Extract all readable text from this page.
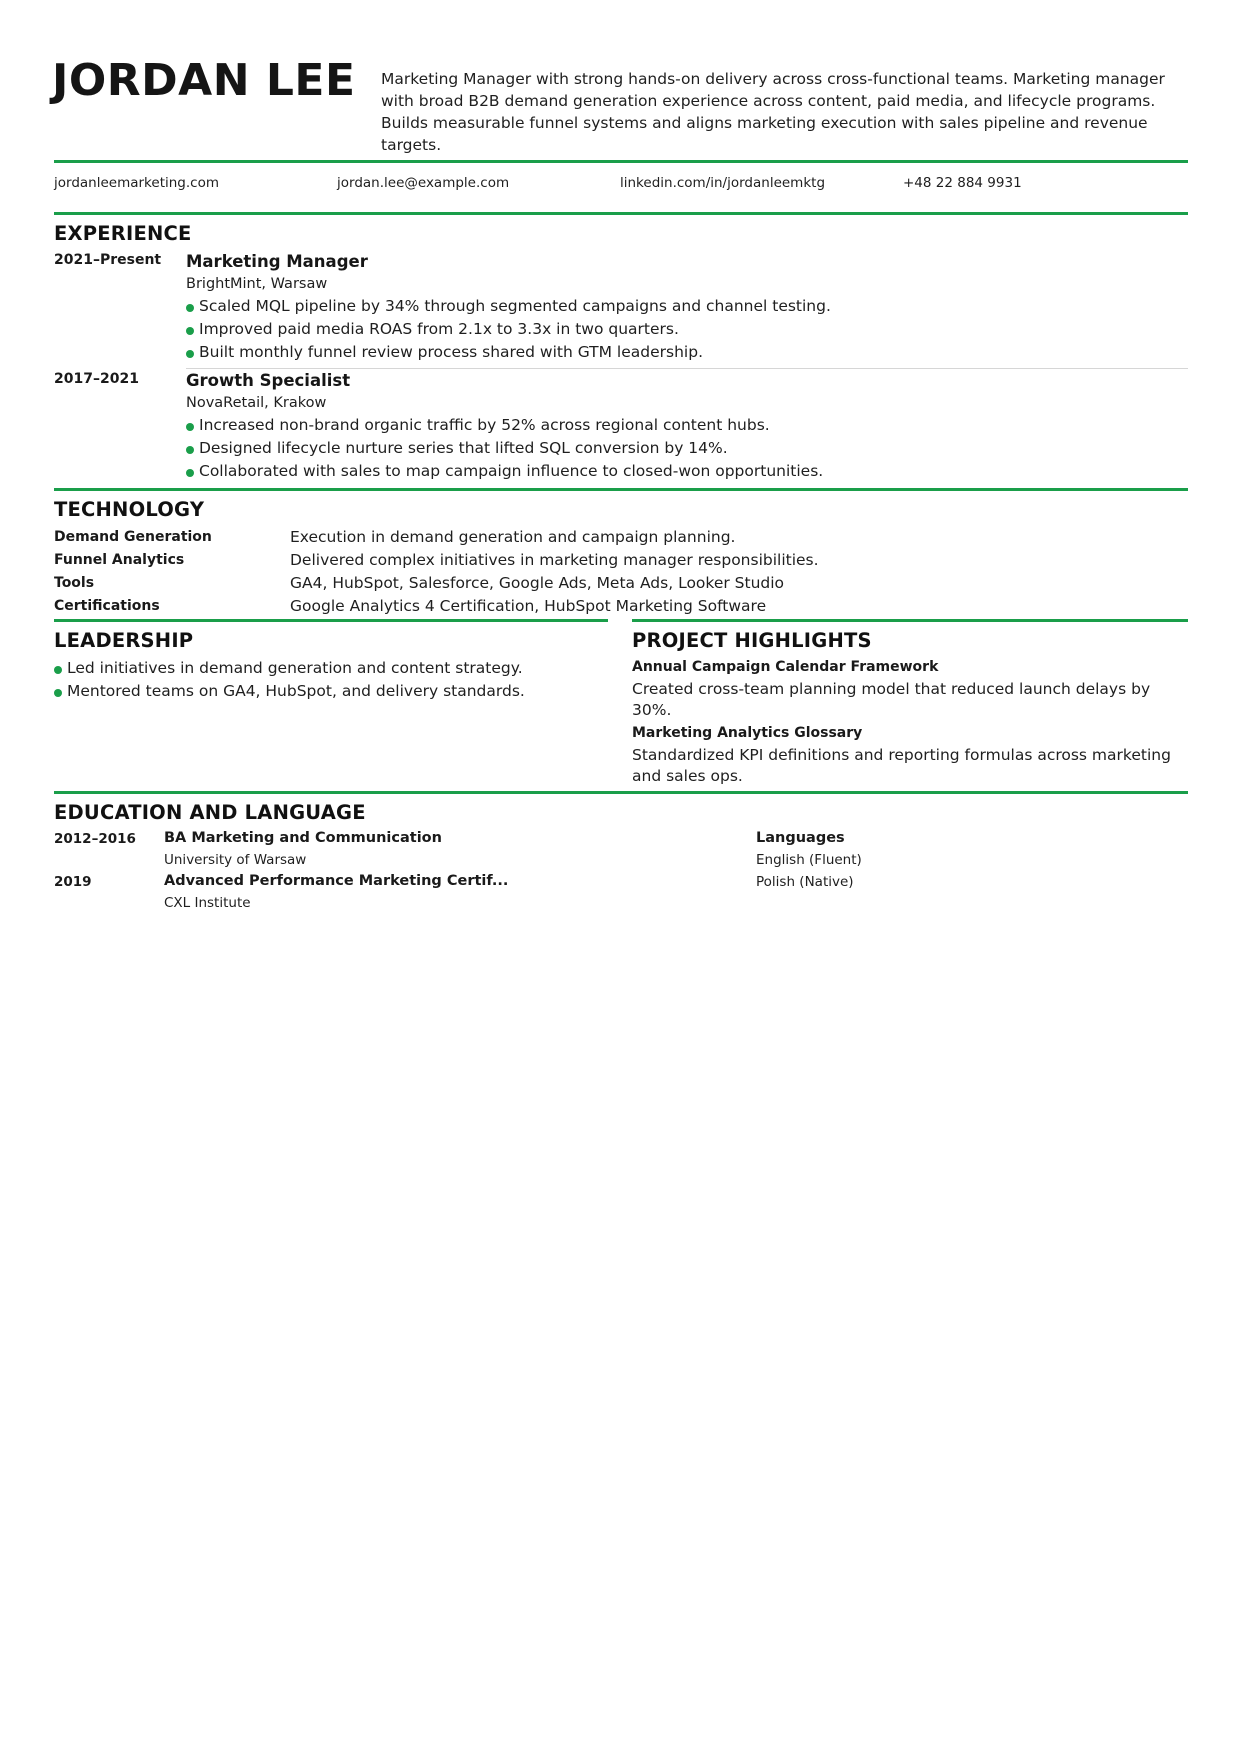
JORDAN LEE Marketing Manager with strong hands-on delivery across cross-functional teams. Marketing manager with broad B2B demand generation experience across content, paid media, and lifecycle programs. Builds measurable funnel systems and aligns marketing execution with sales pipeline and revenue targets.
jordanleemarketing.com	jordan.lee@example.com	linkedin.com/in/jordanleemktg	+48 22 884 9931
EXPERIENCE
2021–Present Marketing Manager
BrightMint, Warsaw
Scaled MQL pipeline by 34% through segmented campaigns and channel testing.
Improved paid media ROAS from 2.1x to 3.3x in two quarters.
Built monthly funnel review process shared with GTM leadership.
2017–2021	Growth Specialist
NovaRetail, Krakow
Increased non-brand organic traffic by 52% across regional content hubs.
Designed lifecycle nurture series that lifted SQL conversion by 14%.
Collaborated with sales to map campaign influence to closed-won opportunities.
TECHNOLOGY
Demand Generation	Execution in demand generation and campaign planning.
Funnel Analytics	Delivered complex initiatives in marketing manager responsibilities.
Tools	GA4, HubSpot, Salesforce, Google Ads, Meta Ads, Looker Studio
Certifications	Google Analytics 4 Certification, HubSpot Marketing Software
LEADERSHIP
Led initiatives in demand generation and content strategy.
Mentored teams on GA4, HubSpot, and delivery standards.
PROJECT HIGHLIGHTS
Annual Campaign Calendar Framework
Created cross-team planning model that reduced launch delays by 30%.
Marketing Analytics Glossary
Standardized KPI definitions and reporting formulas across marketing and sales ops.
EDUCATION AND LANGUAGE
2012–2016 BA Marketing and Communication
University of Warsaw
2019	Advanced Performance Marketing Certif...
CXL Institute
Languages
English (Fluent)
Polish (Native)
